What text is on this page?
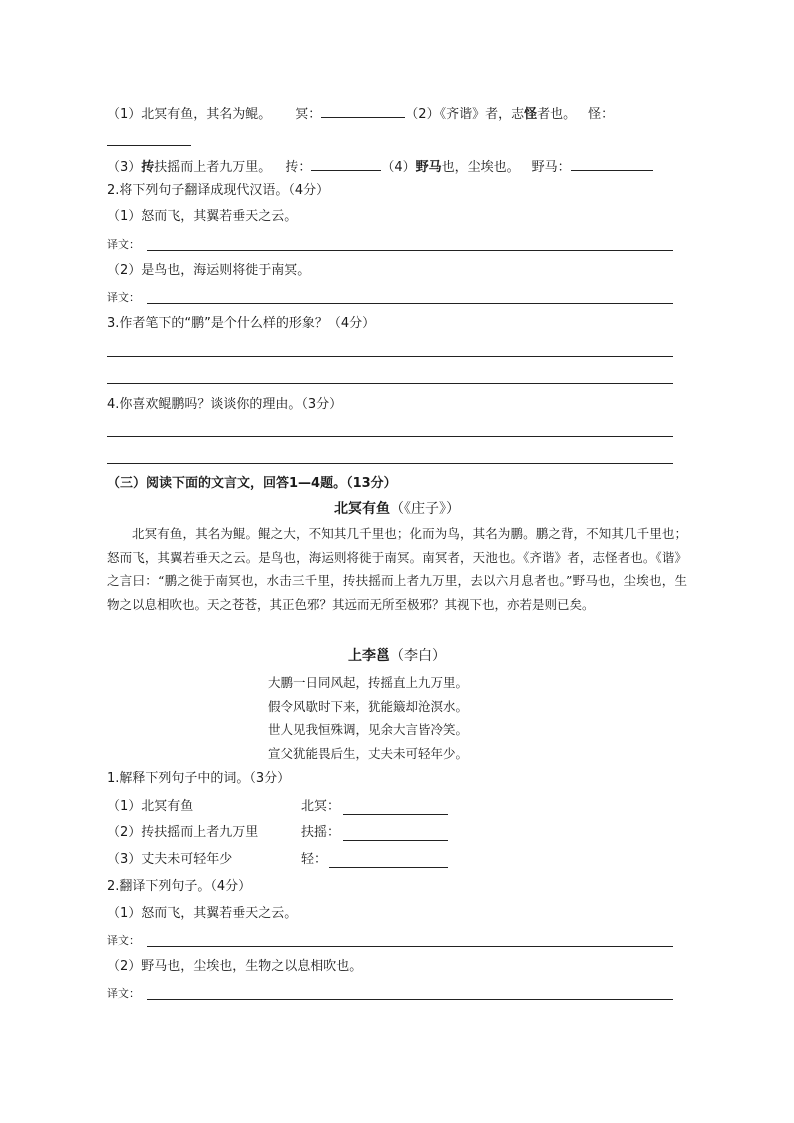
（1）北冥有鱼，其名为鲲。 冥：	（2）《齐谐》者，志怪者也。 怪：
（3）抟扶摇而上者九万里。 抟：	（4）野马也，尘埃也。 野马：
2.将下列句子翻译成现代汉语。（4分）
（1）怒而飞，其翼若垂天之云。
译文：
（2）是鸟也，海运则将徙于南冥。
译文：
3.作者笔下的“鹏”是个什么样的形象？（4分）
4.你喜欢鲲鹏吗？谈谈你的理由。（3分）
（三）阅读下面的文言文，回答1—4题。（13分）
北冥有鱼（《庄子》）
北冥有鱼，其名为鲲。鲲之大，不知其几千里也；化而为鸟，其名为鹏。鹏之背，不知其几千里也；怒而飞，其翼若垂天之云。是鸟也，海运则将徙于南冥。南冥者，天池也。《齐谐》者，志怪者也。《谐》之言曰：“鹏之徙于南冥也，水击三千里，抟扶摇而上者九万里，去以六月息者也。”野马也，尘埃也，生物之以息相吹也。天之苍苍，其正色邪？其远而无所至极邪？其视下也，亦若是则已矣。
上李邕（李白）
大鹏一日同风起，抟摇直上九万里。
假令风歇时下来，犹能簸却沧溟水。
世人见我恒殊调，见余大言皆冷笑。
宣父犹能畏后生，丈夫未可轻年少。
1.解释下列句子中的词。（3分）
（1）北冥有鱼	北冥：
（2）抟扶摇而上者九万里	扶摇：
（3）丈夫未可轻年少	轻：
2.翻译下列句子。（4分）
（1）怒而飞，其翼若垂天之云。
译文：
（2）野马也，尘埃也，生物之以息相吹也。
译文：
